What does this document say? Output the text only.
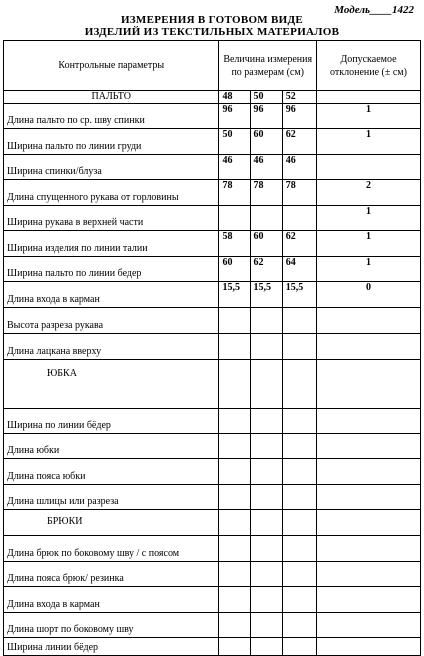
Модель____1422
ИЗМЕРЕНИЯ В ГОТОВОМ ВИДЕ
ИЗДЕЛИЙ ИЗ ТЕКСТИЛЬНЫХ МАТЕРИАЛОВ
Контрольные параметры	Величина измерения по размерам (см)			Допускаемое отклонение (± см)

ПАЛЬТО	48	50	52	

Длина пальто по ср. шву спинки	96	96	96	1

Ширина пальто по линии груди	50	60	62	1

Ширина спинки/блуза	46	46	46	

Длина спущенного рукава от горловины	78	78	78	2

Ширина рукава в верхней части				1

Ширина изделия по линии талии	58	60	62	1

Ширина пальто по линии бедер	60	62	64	1

Длина входа в карман	15,5	15,5	15,5	0

Высота разреза рукава				

Длина лацкана вверху				

ЮБКА				

Ширина по линии бёдер				

Длина юбки				

Длина пояса юбки				

Длина шлицы или разреза				

БРЮКИ				

Длина брюк по боковому шву / с поясом				

Длина пояса брюк/ резинка				

Длина входа в карман				

Длина шорт по боковому шву				

Ширина линии бёдер				
